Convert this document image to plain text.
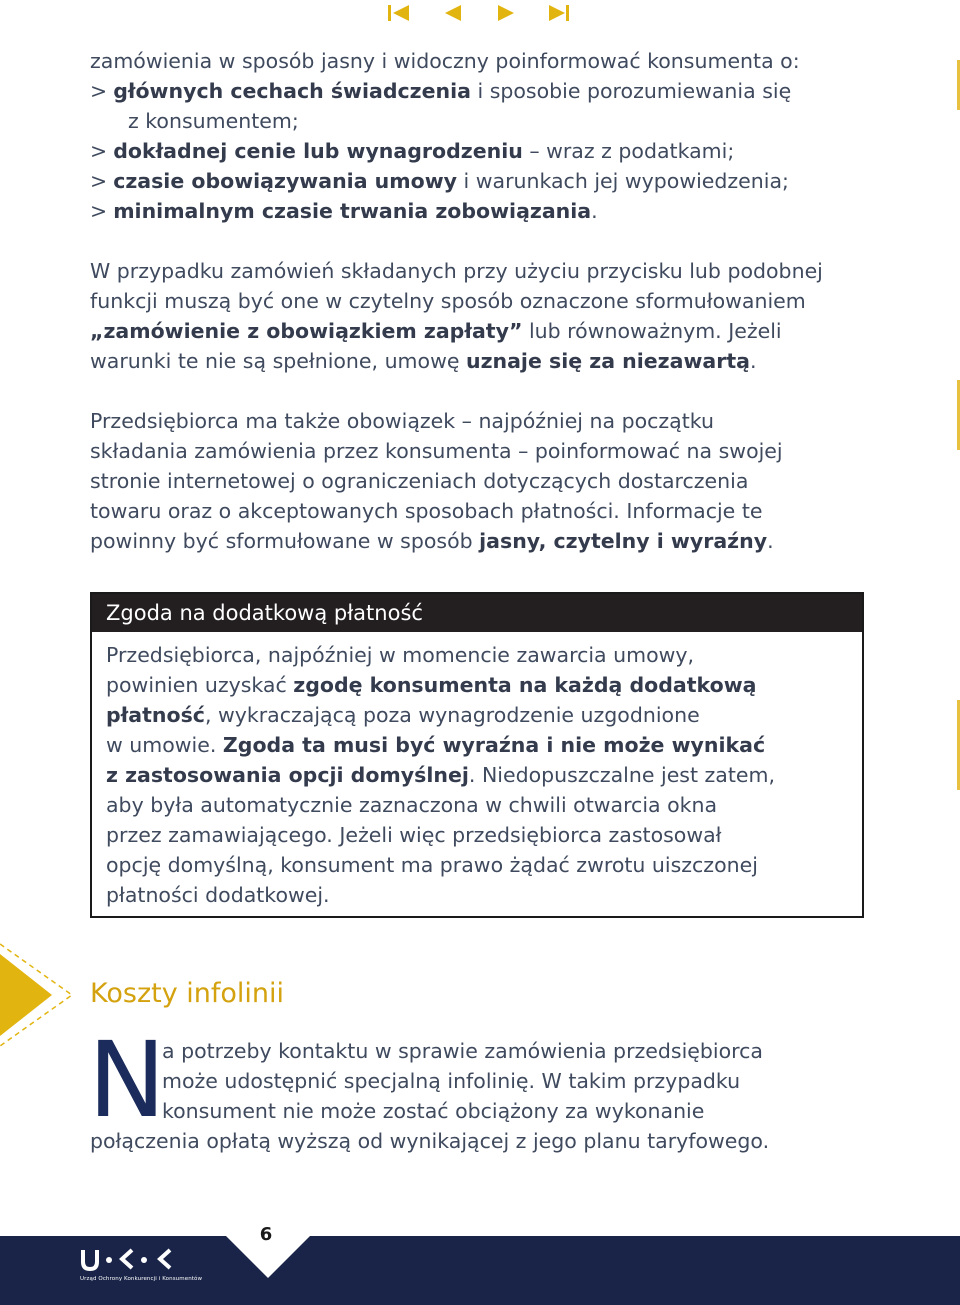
zamówienia w sposób jasny i widoczny poinformować konsumenta o:
> głównych cechach świadczenia i sposobie porozumiewania się
z konsumentem;
> dokładnej cenie lub wynagrodzeniu – wraz z podatkami;
> czasie obowiązywania umowy i warunkach jej wypowiedzenia;
> minimalnym czasie trwania zobowiązania.
W przypadku zamówień składanych przy użyciu przycisku lub podobnej
funkcji muszą być one w czytelny sposób oznaczone sformułowaniem
„zamówienie z obowiązkiem zapłaty” lub równoważnym. Jeżeli
warunki te nie są spełnione, umowę uznaje się za niezawartą.
Przedsiębiorca ma także obowiązek – najpóźniej na początku
składania zamówienia przez konsumenta – poinformować na swojej
stronie internetowej o ograniczeniach dotyczących dostarczenia
towaru oraz o akceptowanych sposobach płatności. Informacje te
powinny być sformułowane w sposób jasny, czytelny i wyraźny.
Zgoda na dodatkową płatność
Przedsiębiorca, najpóźniej w momencie zawarcia umowy,
powinien uzyskać zgodę konsumenta na każdą dodatkową
płatność, wykraczającą poza wynagrodzenie uzgodnione
w umowie. Zgoda ta musi być wyraźna i nie może wynikać
z zastosowania opcji domyślnej. Niedopuszczalne jest zatem,
aby była automatycznie zaznaczona w chwili otwarcia okna
przez zamawiającego. Jeżeli więc przedsiębiorca zastosował
opcję domyślną, konsument ma prawo żądać zwrotu uiszczonej
płatności dodatkowej.
Koszty infolinii
N
a potrzeby kontaktu w sprawie zamówienia przedsiębiorca
może udostępnić specjalną infolinię. W takim przypadku
konsument nie może zostać obciążony za wykonanie
połączenia opłatą wyższą od wynikającej z jego planu taryfowego.
6
Urząd Ochrony Konkurencji i Konsumentów
